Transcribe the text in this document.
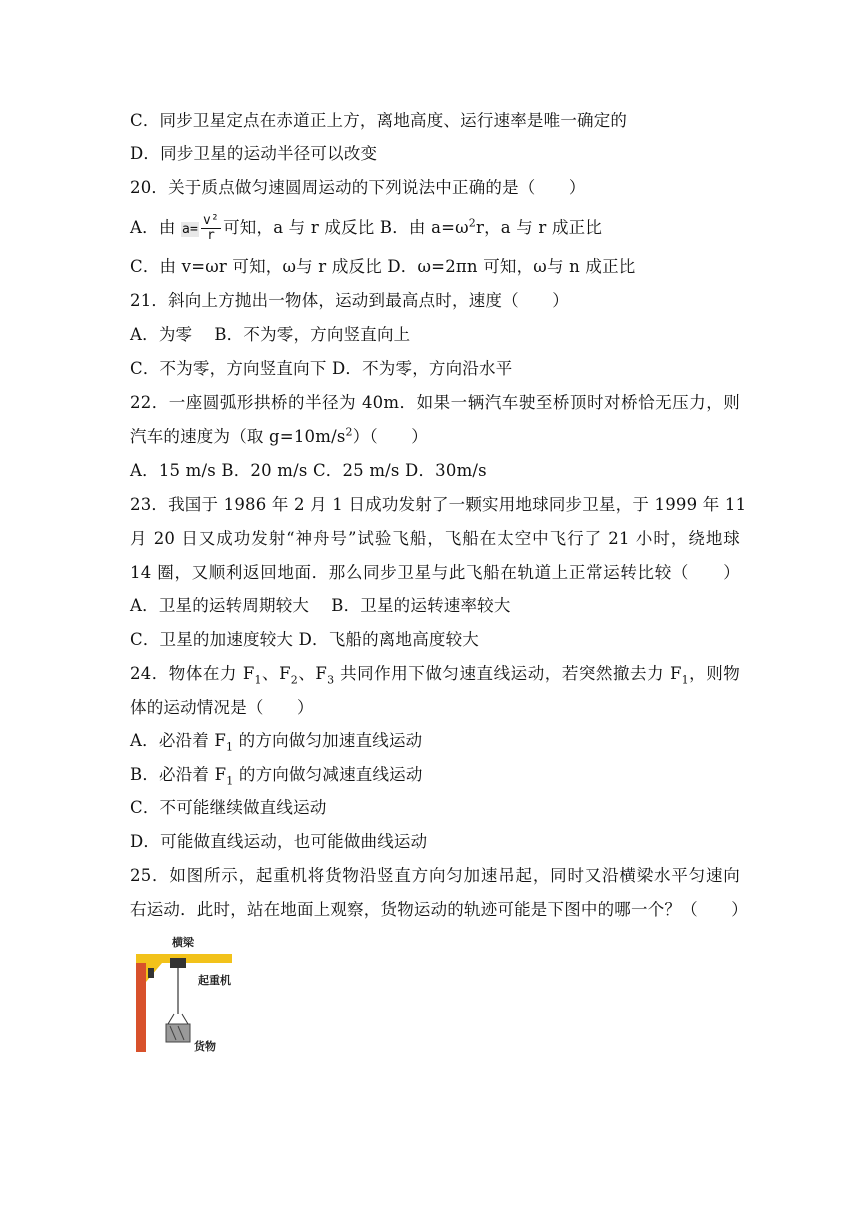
C．同步卫星定点在赤道正上方，离地高度、运行速率是唯一确定的
D．同步卫星的运动半径可以改变
20．关于质点做匀速圆周运动的下列说法中正确的是（　　）
A．由 $a= \frac{\text{v²}}{r}$ 可知，a 与 r 成反比 B．由 $a=\omega^2r$，a 与 r 成正比
C．由 v=ωr 可知，ω与 r 成反比 D．ω=2πn 可知，ω与 n 成正比
21．斜向上方抛出一物体，运动到最高点时，速度（　　）
A．为零　 B．不为零，方向竖直向上
C．不为零，方向竖直向下 D．不为零，方向沿水平
22．一座圆弧形拱桥的半径为 40m．如果一辆汽车驶至桥顶时对桥恰无压力，则
汽车的速度为（取 $g=10m/s^2$）（　　）
A．15 m/s B．20 m/s C．25 m/s D．30m/s
23．我国于 1986 年 2 月 1 日成功发射了一颗实用地球同步卫星，于 1999 年 11
月 20 日又成功发射“神舟号”试验飞船，飞船在太空中飞行了 21 小时，绕地球
14 圈，又顺利返回地面．那么同步卫星与此飞船在轨道上正常运转比较（　　）
A．卫星的运转周期较大　 B．卫星的运转速率较大
C．卫星的加速度较大 D．飞船的离地高度较大
24．物体在力 $F_1$、$F_2$、$F_3$ 共同作用下做匀速直线运动，若突然撤去力 $F_1$，则物
体的运动情况是（　　）
A．必沿着 $F_1$ 的方向做匀加速直线运动
B．必沿着 $F_1$ 的方向做匀减速直线运动
C．不可能继续做直线运动
D．可能做直线运动，也可能做曲线运动
25．如图所示，起重机将货物沿竖直方向匀加速吊起，同时又沿横梁水平匀速向
右运动．此时，站在地面上观察，货物运动的轨迹可能是下图中的哪一个？（　　）
横梁
起重机
货物
